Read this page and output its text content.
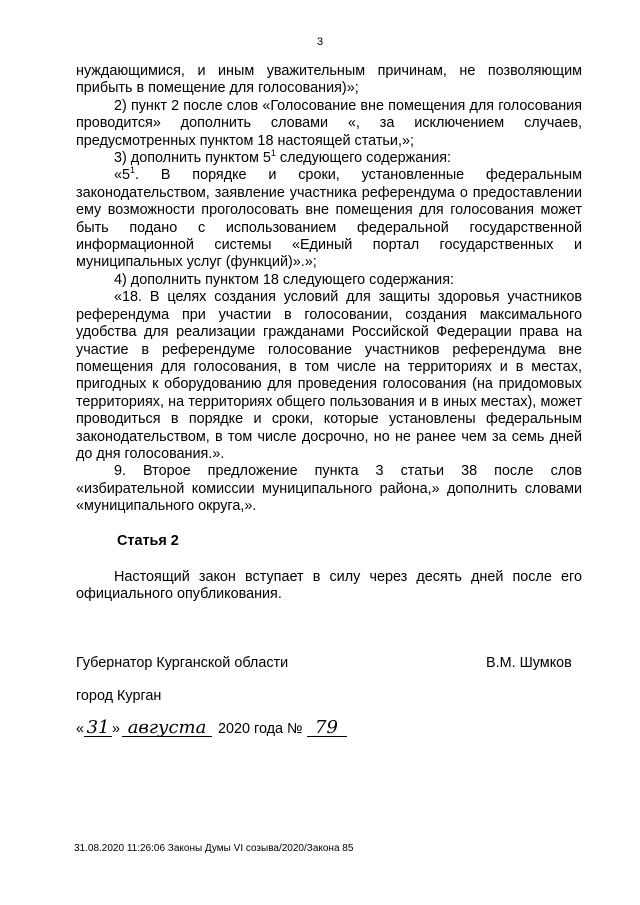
3

нуждающимися, и иным уважительным причинам, не позволяющим прибыть в помещение для голосования)»;

2) пункт 2 после слов «Голосование вне помещения для голосования проводится» дополнить словами «, за исключением случаев, предусмотренных пунктом 18 настоящей статьи,»;

3) дополнить пунктом $5^1$ следующего содержания:

«$5^1$. В порядке и сроки, установленные федеральным законодательством, заявление участника референдума о предоставлении ему возможности проголосовать вне помещения для голосования может быть подано с использованием федеральной государственной информационной системы «Единый портал государственных и муниципальных услуг (функций)».»;

4) дополнить пунктом 18 следующего содержания:

«18. В целях создания условий для защиты здоровья участников референдума при участии в голосовании, создания максимального удобства для реализации гражданами Российской Федерации права на участие в референдуме голосование участников референдума вне помещения для голосования, в том числе на территориях и в местах, пригодных к оборудованию для проведения голосования (на придомовых территориях, на территориях общего пользования и в иных местах), может проводиться в порядке и сроки, которые установлены федеральным законодательством, в том числе досрочно, но не ранее чем за семь дней до дня голосования.».

9. Второе предложение пункта 3 статьи 38 после слов «избирательной комиссии муниципального района,» дополнить словами «муниципального округа,».

Статья 2

Настоящий закон вступает в силу через десять дней после его официального опубликования.

Губернатор Курганской области	В.М. Шумков
город Курган
« 31 » августа 2020 года № 79
31.08.2020 11:26:06 Законы Думы VI созыва/2020/Закона 85
